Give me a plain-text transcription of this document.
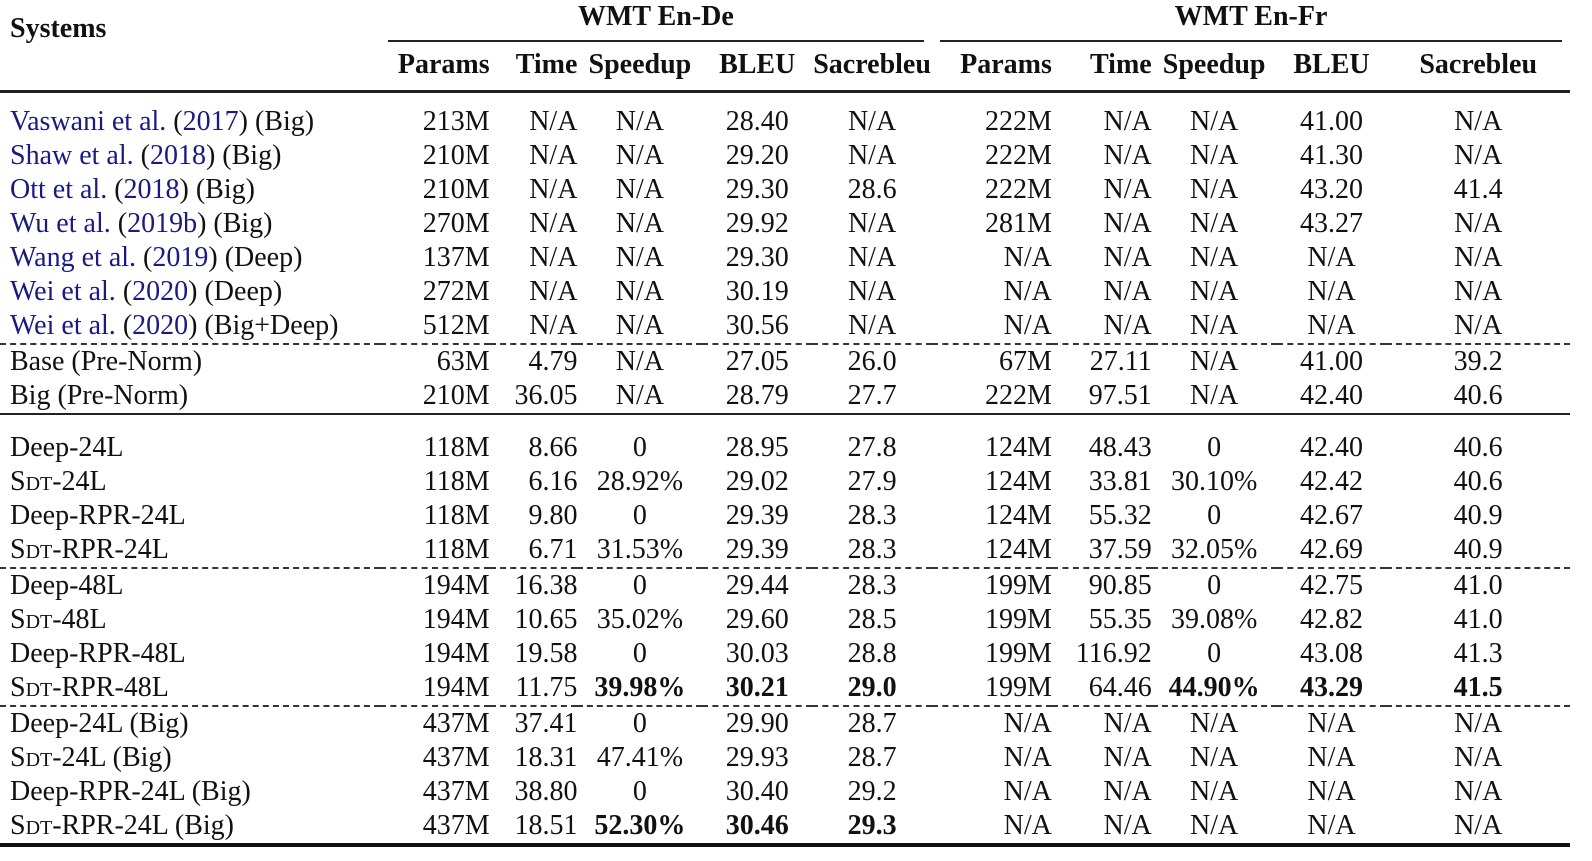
Systems	WMT En-De					WMT En-Fr				

	Params	Time	Speedup	BLEU	Sacrebleu	Params	Time	Speedup	BLEU	Sacrebleu
Vaswani et al. (2017) (Big)	213M	N/A	N/A	28.40	N/A	222M	N/A	N/A	41.00	N/A
Shaw et al. (2018) (Big)	210M	N/A	N/A	29.20	N/A	222M	N/A	N/A	41.30	N/A
Ott et al. (2018) (Big)	210M	N/A	N/A	29.30	28.6	222M	N/A	N/A	43.20	41.4
Wu et al. (2019b) (Big)	270M	N/A	N/A	29.92	N/A	281M	N/A	N/A	43.27	N/A
Wang et al. (2019) (Deep)	137M	N/A	N/A	29.30	N/A	N/A	N/A	N/A	N/A	N/A
Wei et al. (2020) (Deep)	272M	N/A	N/A	30.19	N/A	N/A	N/A	N/A	N/A	N/A
Wei et al. (2020) (Big+Deep)	512M	N/A	N/A	30.56	N/A	N/A	N/A	N/A	N/A	N/A
Base (Pre-Norm)	63M	4.79	N/A	27.05	26.0	67M	27.11	N/A	41.00	39.2
Big (Pre-Norm)	210M	36.05	N/A	28.79	27.7	222M	97.51	N/A	42.40	40.6
Deep-24L	118M	8.66	0	28.95	27.8	124M	48.43	0	42.40	40.6
Sdt-24L	118M	6.16	28.92%	29.02	27.9	124M	33.81	30.10%	42.42	40.6
Deep-RPR-24L	118M	9.80	0	29.39	28.3	124M	55.32	0	42.67	40.9
Sdt-RPR-24L	118M	6.71	31.53%	29.39	28.3	124M	37.59	32.05%	42.69	40.9
Deep-48L	194M	16.38	0	29.44	28.3	199M	90.85	0	42.75	41.0
Sdt-48L	194M	10.65	35.02%	29.60	28.5	199M	55.35	39.08%	42.82	41.0
Deep-RPR-48L	194M	19.58	0	30.03	28.8	199M	116.92	0	43.08	41.3
Sdt-RPR-48L	194M	11.75	39.98%	30.21	29.0	199M	64.46	44.90%	43.29	41.5
Deep-24L (Big)	437M	37.41	0	29.90	28.7	N/A	N/A	N/A	N/A	N/A
Sdt-24L (Big)	437M	18.31	47.41%	29.93	28.7	N/A	N/A	N/A	N/A	N/A
Deep-RPR-24L (Big)	437M	38.80	0	30.40	29.2	N/A	N/A	N/A	N/A	N/A
Sdt-RPR-24L (Big)	437M	18.51	52.30%	30.46	29.3	N/A	N/A	N/A	N/A	N/A
